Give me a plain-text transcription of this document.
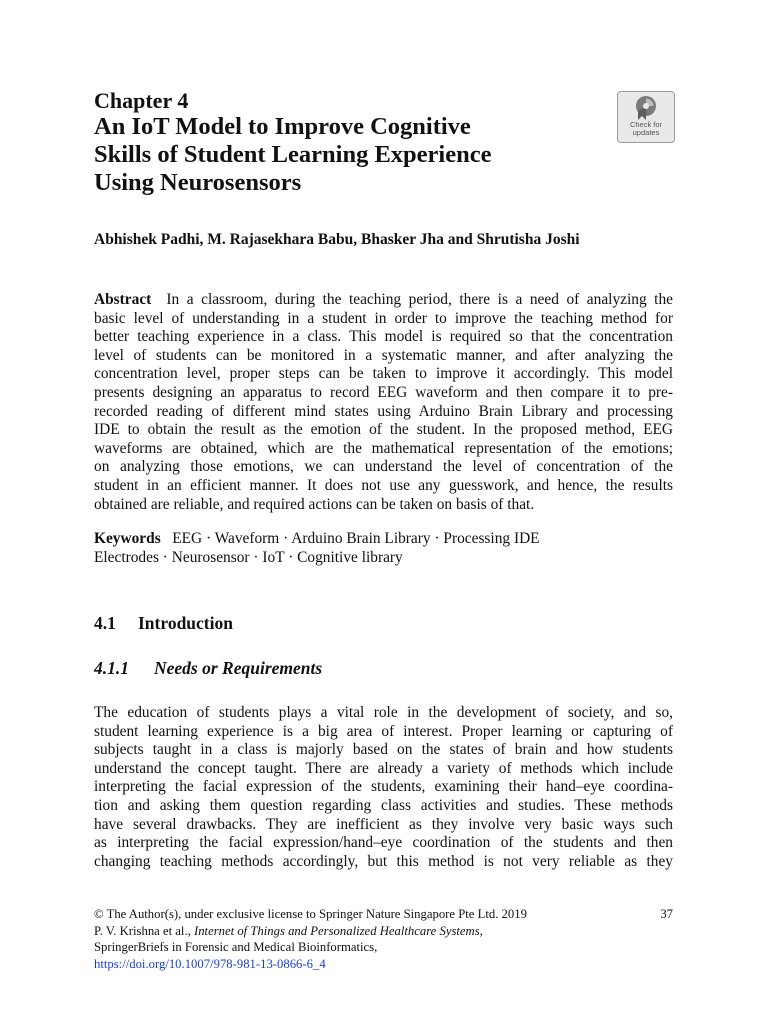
Chapter 4
An IoT Model to Improve Cognitive
Skills of Student Learning Experience
Using Neurosensors
Check for
updates
Abhishek Padhi, M. Rajasekhara Babu, Bhasker Jha and Shrutisha Joshi
Abstract In a classroom, during the teaching period, there is a need of analyzing the
basic level of understanding in a student in order to improve the teaching method for
better teaching experience in a class. This model is required so that the concentration
level of students can be monitored in a systematic manner, and after analyzing the
concentration level, proper steps can be taken to improve it accordingly. This model
presents designing an apparatus to record EEG waveform and then compare it to pre-
recorded reading of different mind states using Arduino Brain Library and processing
IDE to obtain the result as the emotion of the student. In the proposed method, EEG
waveforms are obtained, which are the mathematical representation of the emotions;
on analyzing those emotions, we can understand the level of concentration of the
student in an efficient manner. It does not use any guesswork, and hence, the results
obtained are reliable, and required actions can be taken on basis of that.
Keywords EEG · Waveform · Arduino Brain Library · Processing IDE
Electrodes · Neurosensor · IoT · Cognitive library
4.1 Introduction
4.1.1 Needs or Requirements
The education of students plays a vital role in the development of society, and so,
student learning experience is a big area of interest. Proper learning or capturing of
subjects taught in a class is majorly based on the states of brain and how students
understand the concept taught. There are already a variety of methods which include
interpreting the facial expression of the students, examining their hand–eye coordina-
tion and asking them question regarding class activities and studies. These methods
have several drawbacks. They are inefficient as they involve very basic ways such
as interpreting the facial expression/hand–eye coordination of the students and then
changing teaching methods accordingly, but this method is not very reliable as they
© The Author(s), under exclusive license to Springer Nature Singapore Pte Ltd. 2019	37
P. V. Krishna et al., Internet of Things and Personalized Healthcare Systems,
SpringerBriefs in Forensic and Medical Bioinformatics,
https://doi.org/10.1007/978-981-13-0866-6_4
